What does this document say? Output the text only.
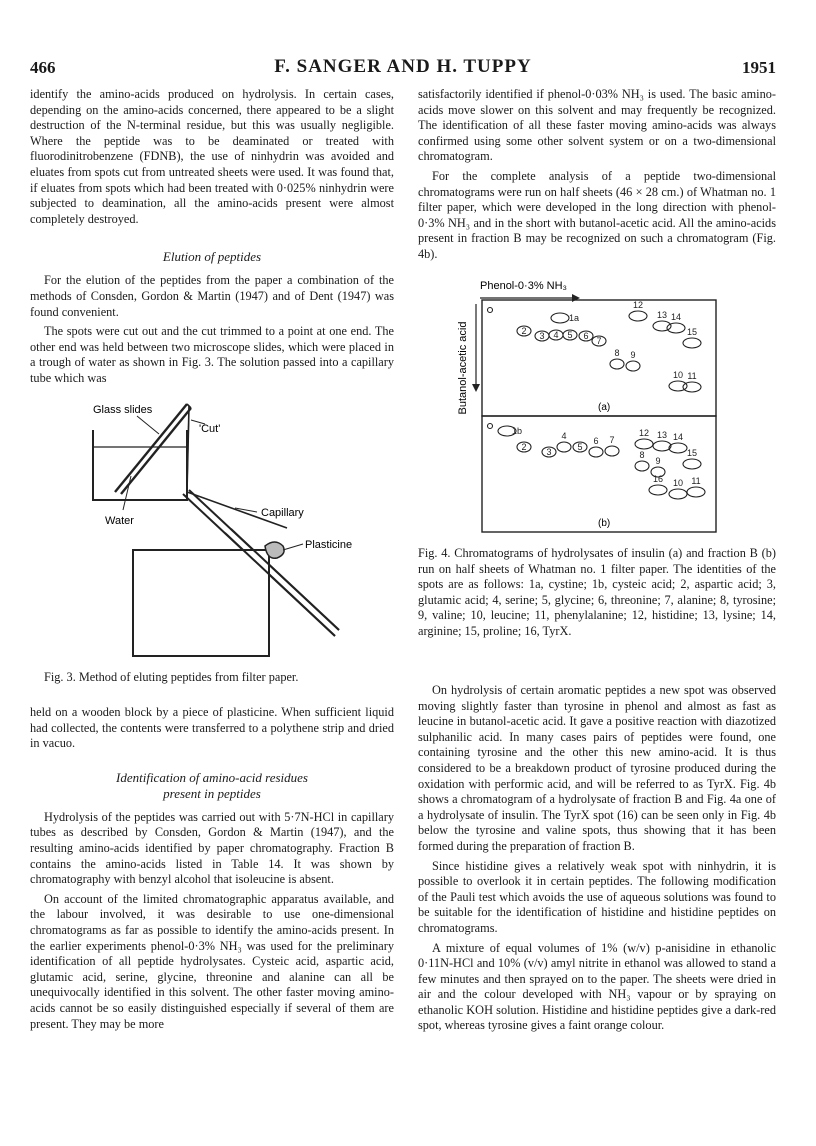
466	F. SANGER AND H. TUPPY	1951

identify the amino-acids produced on hydrolysis. In certain cases, depending on the amino-acids concerned, there appeared to be a slight destruction of the N-terminal residue, but this was usually negligible. Where the peptide was to be deaminated or treated with fluorodinitrobenzene (FDNB), the use of ninhydrin was avoided and eluates from spots cut from untreated sheets were used. It was found that, if eluates from spots which had been treated with 0·025% ninhydrin were subjected to deamination, all the amino-acids present were almost completely destroyed.

Elution of peptides

For the elution of the peptides from the paper a combination of the methods of Consden, Gordon & Martin (1947) and of Dent (1947) was found convenient.

The spots were cut out and the cut trimmed to a point at one end. The other end was held between two microscope slides, which were placed in a trough of water as shown in Fig. 3. The solution passed into a capillary tube which was

Glass slides
'Cut'
Water
Capillary
Plasticine
Fig. 3. Method of eluting peptides from filter paper.

held on a wooden block by a piece of plasticine. When sufficient liquid had collected, the contents were transferred to a polythene strip and dried in vacuo.

Identification of amino-acid residues
present in peptides

Hydrolysis of the peptides was carried out with 5·7N-HCl in capillary tubes as described by Consden, Gordon & Martin (1947), and the resulting amino-acids identified by paper chromatography. Fraction B contains the amino-acids listed in Table 14. It was shown by chromatography with benzyl alcohol that isoleucine is absent.

On account of the limited chromatographic apparatus available, and the labour involved, it was desirable to use one-dimensional chromatograms as far as possible to identify the amino-acids present. In the earlier experiments phenol-0·3% NH₃ was used for the preliminary identification of all peptide hydrolysates. Cysteic acid, aspartic acid, glutamic acid, serine, glycine, threonine and alanine can all be unequivocally identified in this solvent. The other faster moving amino-acids cannot be so easily distinguished especially if several of them are present. They may be more

satisfactorily identified if phenol-0·03% NH₃ is used. The basic amino-acids move slower on this solvent and may frequently be recognized. The identification of all these faster moving amino-acids was always confirmed using some other solvent system or on a two-dimensional chromatogram.

For the complete analysis of a peptide two-dimensional chromatograms were run on half sheets (46 × 28 cm.) of Whatman no. 1 filter paper, which were developed in the long direction with phenol-0·3% NH₃ and in the short with butanol-acetic acid. All the amino-acids present in fraction B may be recognized on such a chromatogram (Fig. 4b).

Phenol-0·3% NH₃
Butanol-acetic acid	(a)
(b)
1a
2 3 4 5 6 7
8 9
10 11
12
13 14
15
1b
2 3
4
5
6 7
8
9
10 11
12 13 14
15
16
Fig. 4. Chromatograms of hydrolysates of insulin (a) and fraction B (b) run on half sheets of Whatman no. 1 filter paper. The identities of the spots are as follows: 1a, cystine; 1b, cysteic acid; 2, aspartic acid; 3, glutamic acid; 4, serine; 5, glycine; 6, threonine; 7, alanine; 8, tyrosine; 9, valine; 10, leucine; 11, phenylalanine; 12, histidine; 13, lysine; 14, arginine; 15, proline; 16, TyrX.

On hydrolysis of certain aromatic peptides a new spot was observed moving slightly faster than tyrosine in phenol and almost as fast as leucine in butanol-acetic acid. It gave a positive reaction with diazotized sulphanilic acid. In many cases pairs of peptides were found, one containing tyrosine and the other this new amino-acid. It is thus considered to be a breakdown product of tyrosine produced during the oxidation with performic acid, and will be referred to as TyrX. Fig. 4b shows a chromatogram of a hydrolysate of fraction B and Fig. 4a one of a hydrolysate of insulin. The TyrX spot (16) can be seen only in Fig. 4b below the tyrosine and valine spots, thus showing that it has been formed during the preparation of fraction B.

Since histidine gives a relatively weak spot with ninhydrin, it is possible to overlook it in certain peptides. The following modification of the Pauli test which avoids the use of aqueous solutions was found to be suitable for the identification of histidine and histidine peptides on chromatograms.

A mixture of equal volumes of 1% (w/v) p-anisidine in ethanolic 0·11N-HCl and 10% (v/v) amyl nitrite in ethanol was allowed to stand a few minutes and then sprayed on to the paper. The sheets were dried in air and the colour developed with NH₃ vapour or by spraying on ethanolic KOH solution. Histidine and histidine peptides give a dark-red spot, whereas tyrosine gives a faint orange colour.
